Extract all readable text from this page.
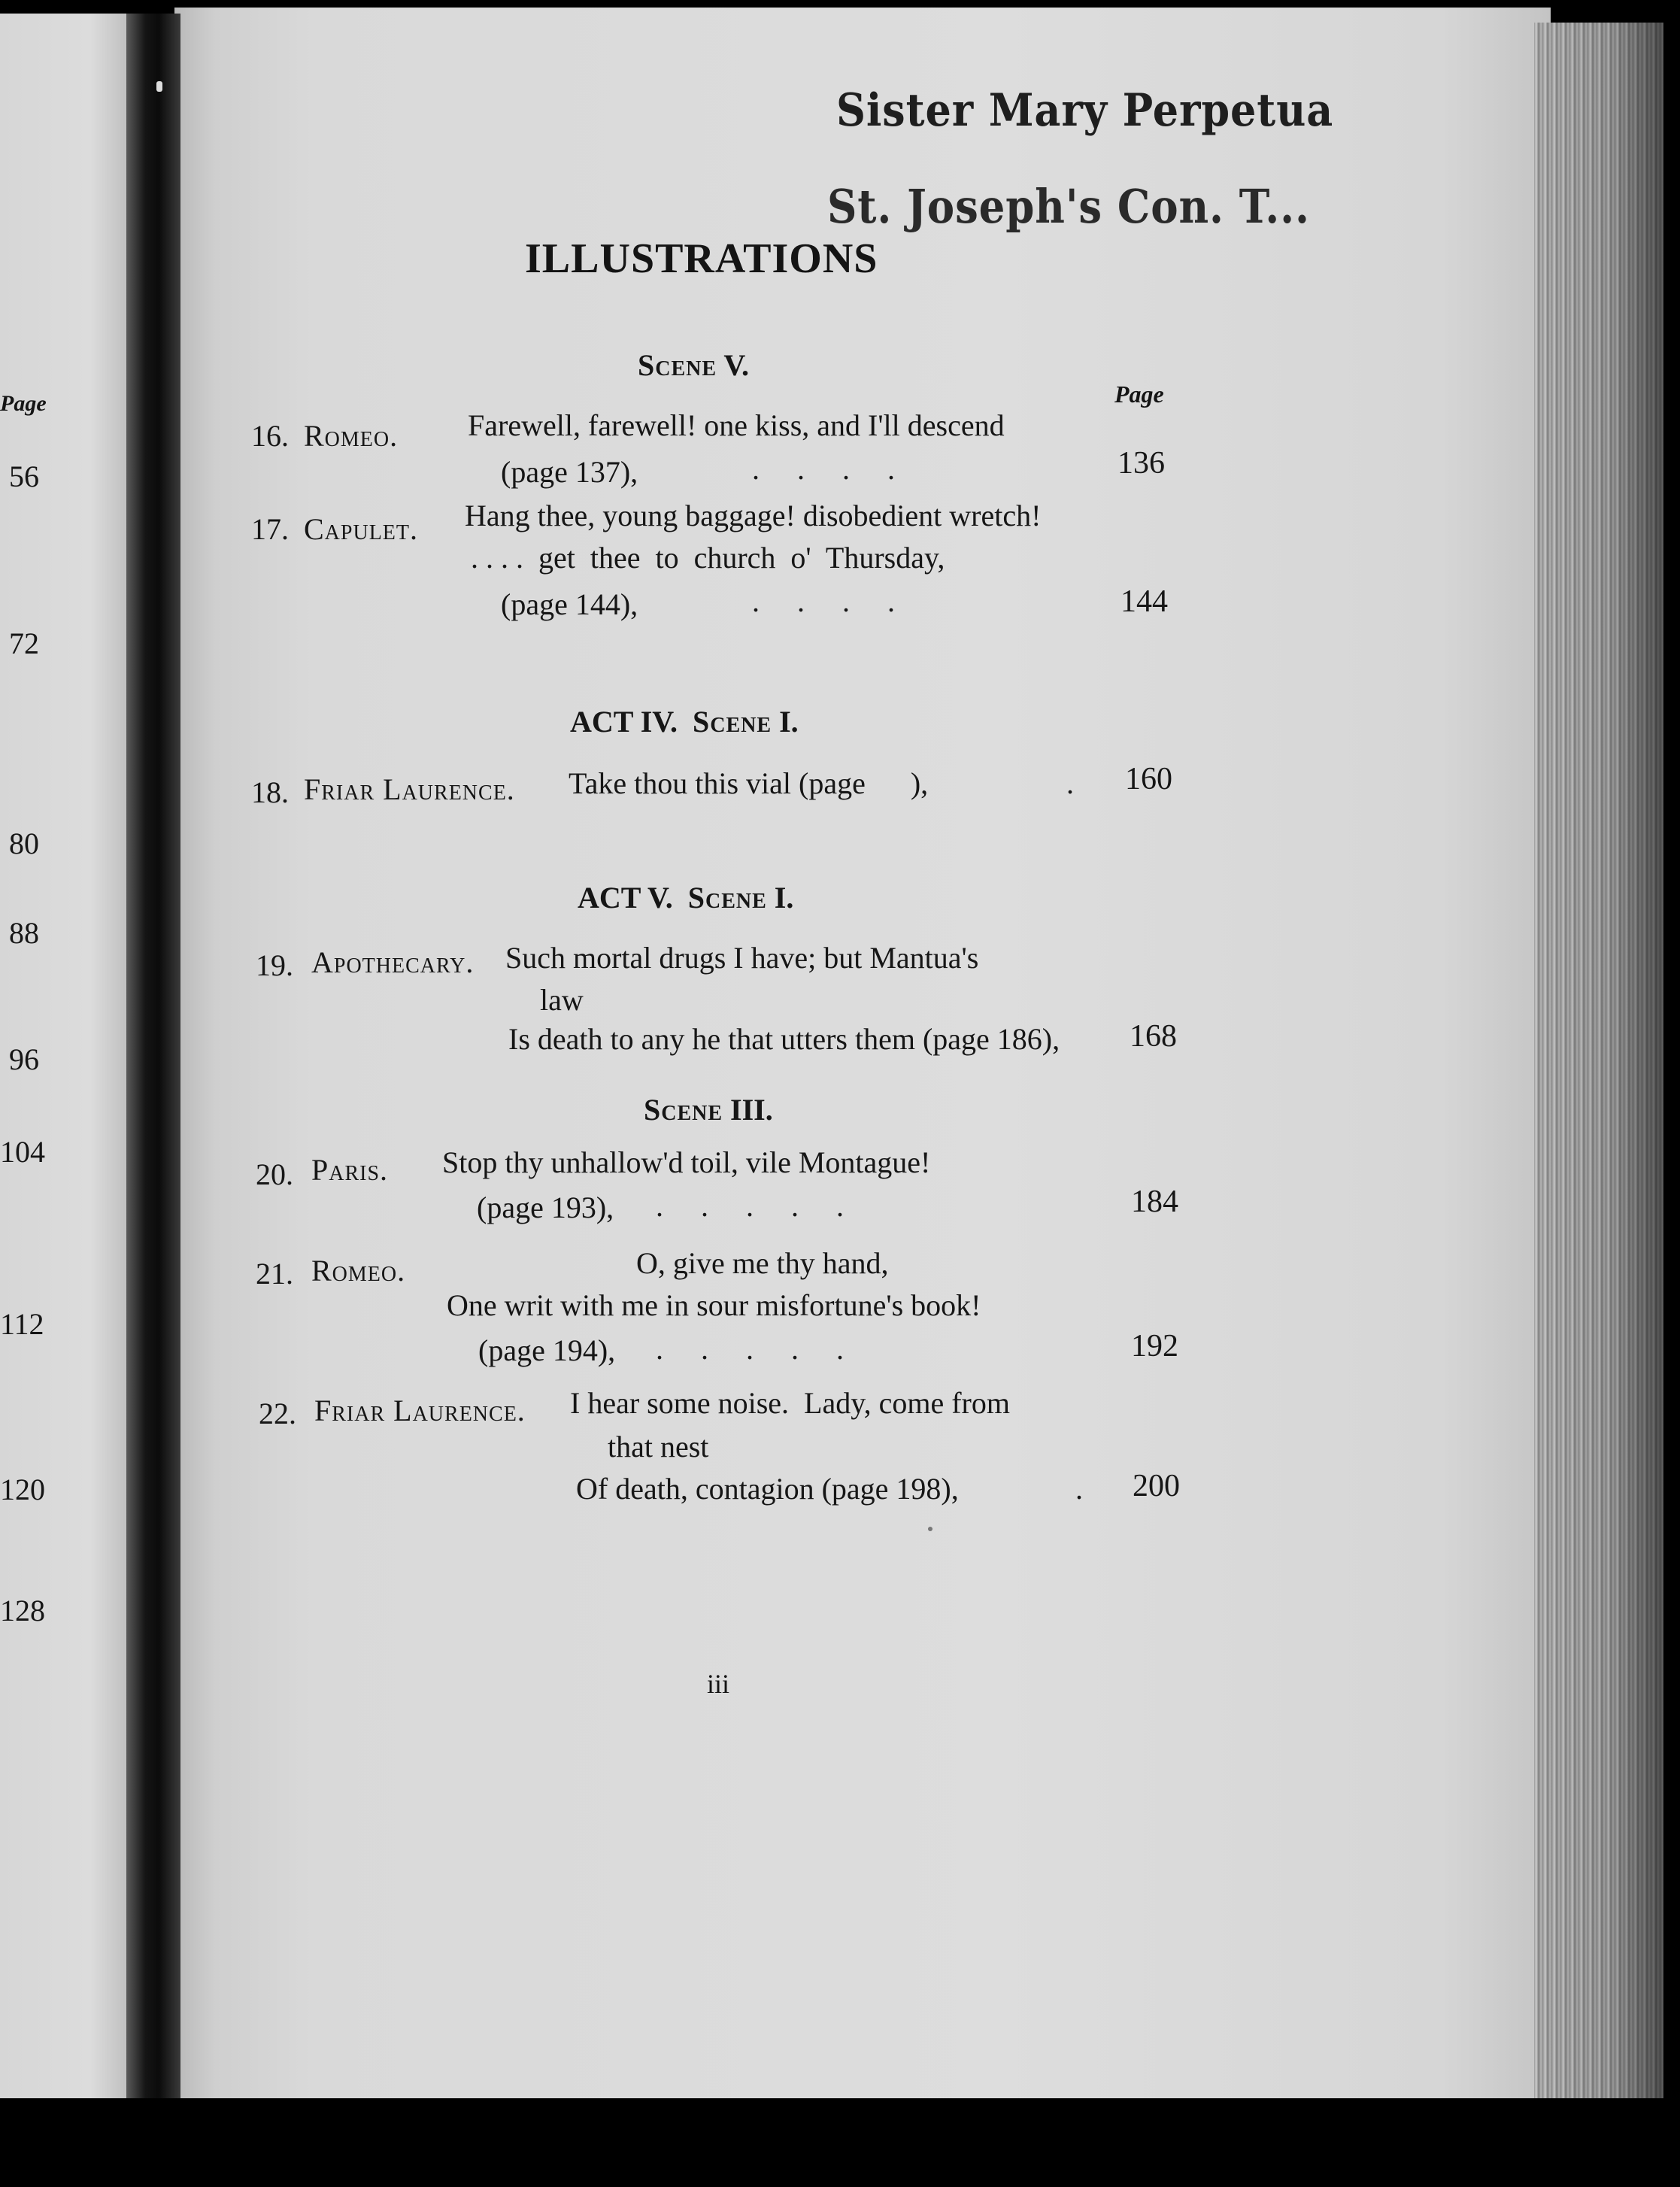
Page
56
72
80
88
96
104
112
120
128
Sister Mary Perpetua
St. Joseph's Con. T...
ILLUSTRATIONS
Scene V.
Page
16. Romeo. Farewell, farewell! one kiss, and I'll descend
(page 137),	.     .     .     .	136
17. Capulet. Hang thee, young baggage! disobedient wretch!
. . . .  get  thee  to  church  o'  Thursday,
(page 144),	.     .     .     .	144
ACT IV. Scene I.
18. Friar Laurence. Take thou this vial (page      ),	. 160
ACT V. Scene I.
19. Apothecary. Such mortal drugs I have; but Mantua's
law
Is death to any he that utters them (page 186), 168
Scene III.
20. Paris. Stop thy unhallow'd toil, vile Montague!
(page 193), .     .     .     .     .	184
21. Romeo.	O, give me thy hand,
One writ with me in sour misfortune's book!
(page 194), .     .     .     .     .	192
22. Friar Laurence. I hear some noise.  Lady, come from
that nest
Of death, contagion (page 198),	. 200
iii
